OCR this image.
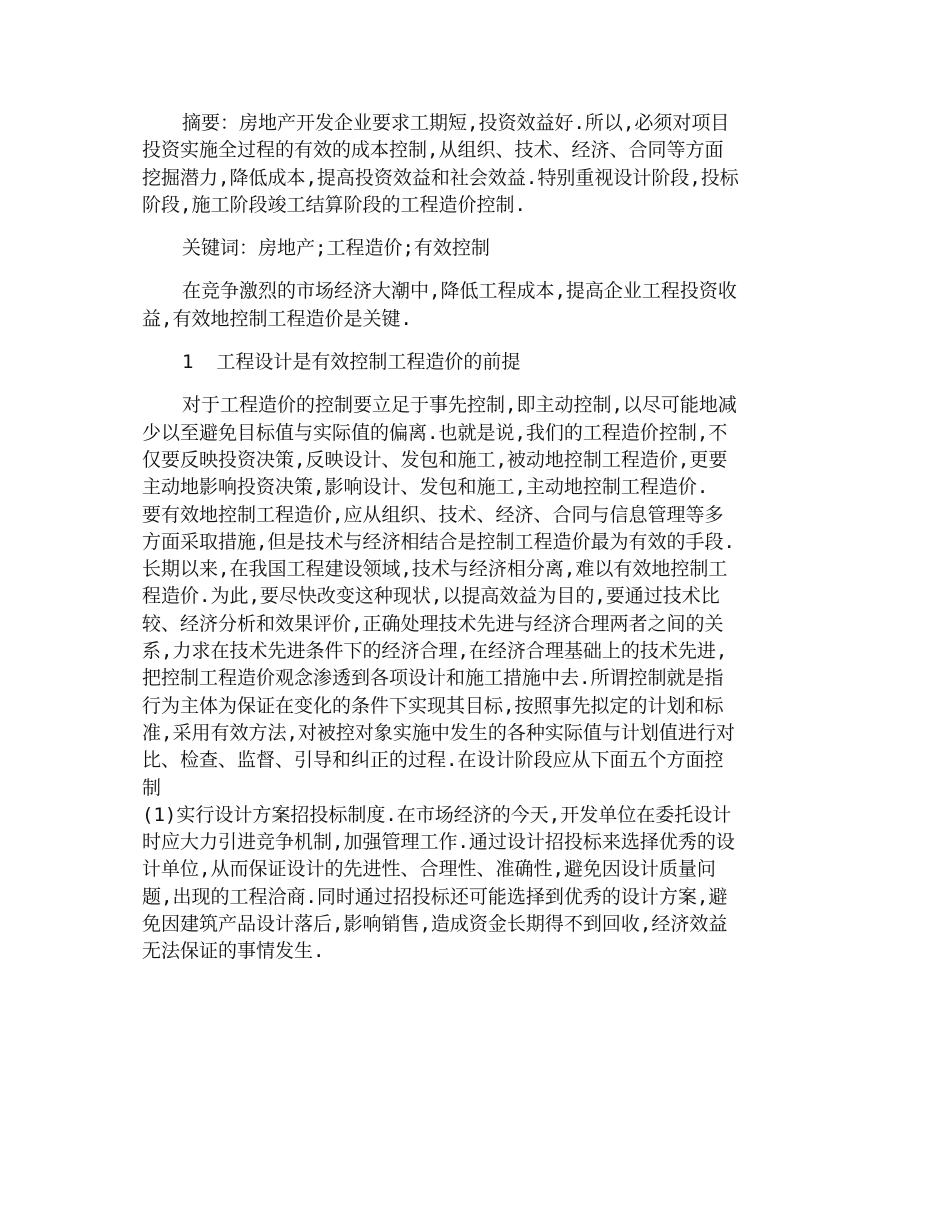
摘要：房地产开发企业要求工期短,投资效益好.所以,必须对项目投资实施全过程的有效的成本控制,从组织、技术、经济、合同等方面挖掘潜力,降低成本,提高投资效益和社会效益.特别重视设计阶段,投标阶段,施工阶段竣工结算阶段的工程造价控制.

关键词：房地产;工程造价;有效控制

在竞争激烈的市场经济大潮中,降低工程成本,提高企业工程投资收益,有效地控制工程造价是关键.

1  工程设计是有效控制工程造价的前提

对于工程造价的控制要立足于事先控制,即主动控制,以尽可能地减少以至避免目标值与实际值的偏离.也就是说,我们的工程造价控制,不仅要反映投资决策,反映设计、发包和施工,被动地控制工程造价,更要主动地影响投资决策,影响设计、发包和施工,主动地控制工程造价.

要有效地控制工程造价,应从组织、技术、经济、合同与信息管理等多方面采取措施,但是技术与经济相结合是控制工程造价最为有效的手段.长期以来,在我国工程建设领域,技术与经济相分离,难以有效地控制工程造价.为此,要尽快改变这种现状,以提高效益为目的,要通过技术比较、经济分析和效果评价,正确处理技术先进与经济合理两者之间的关系,力求在技术先进条件下的经济合理,在经济合理基础上的技术先进,把控制工程造价观念渗透到各项设计和施工措施中去.所谓控制就是指行为主体为保证在变化的条件下实现其目标,按照事先拟定的计划和标准,采用有效方法,对被控对象实施中发生的各种实际值与计划值进行对比、检查、监督、引导和纠正的过程.在设计阶段应从下面五个方面控制

(1)实行设计方案招投标制度.在市场经济的今天,开发单位在委托设计时应大力引进竞争机制,加强管理工作.通过设计招投标来选择优秀的设计单位,从而保证设计的先进性、合理性、准确性,避免因设计质量问题,出现的工程洽商.同时通过招投标还可能选择到优秀的设计方案,避免因建筑产品设计落后,影响销售,造成资金长期得不到回收,经济效益无法保证的事情发生.
